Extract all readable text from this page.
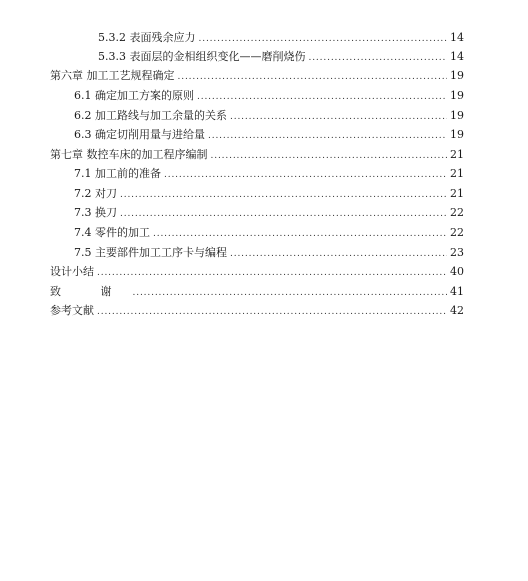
5.3.2 表面残余应力 . . .	14
5.3.3 表面层的金相组织变化——磨削烧伤 . . .	14
第六章 加工工艺规程确定 . . .	19
6.1 确定加工方案的原则 . . .	19
6.2 加工路线与加工余量的关系 . . .	19
6.3 确定切削用量与进给量 . . .	19
第七章 数控车床的加工程序编制 . . .	21
7.1 加工前的准备 . . .	21
7.2 对刀 . . .	21
7.3 换刀 . . .	22
7.4 零件的加工 . . .	22
7.5 主要部件加工工序卡与编程 . . .	23
设计小结 . . .	40
致 谢 . . .	41
参考文献 . . .	42
